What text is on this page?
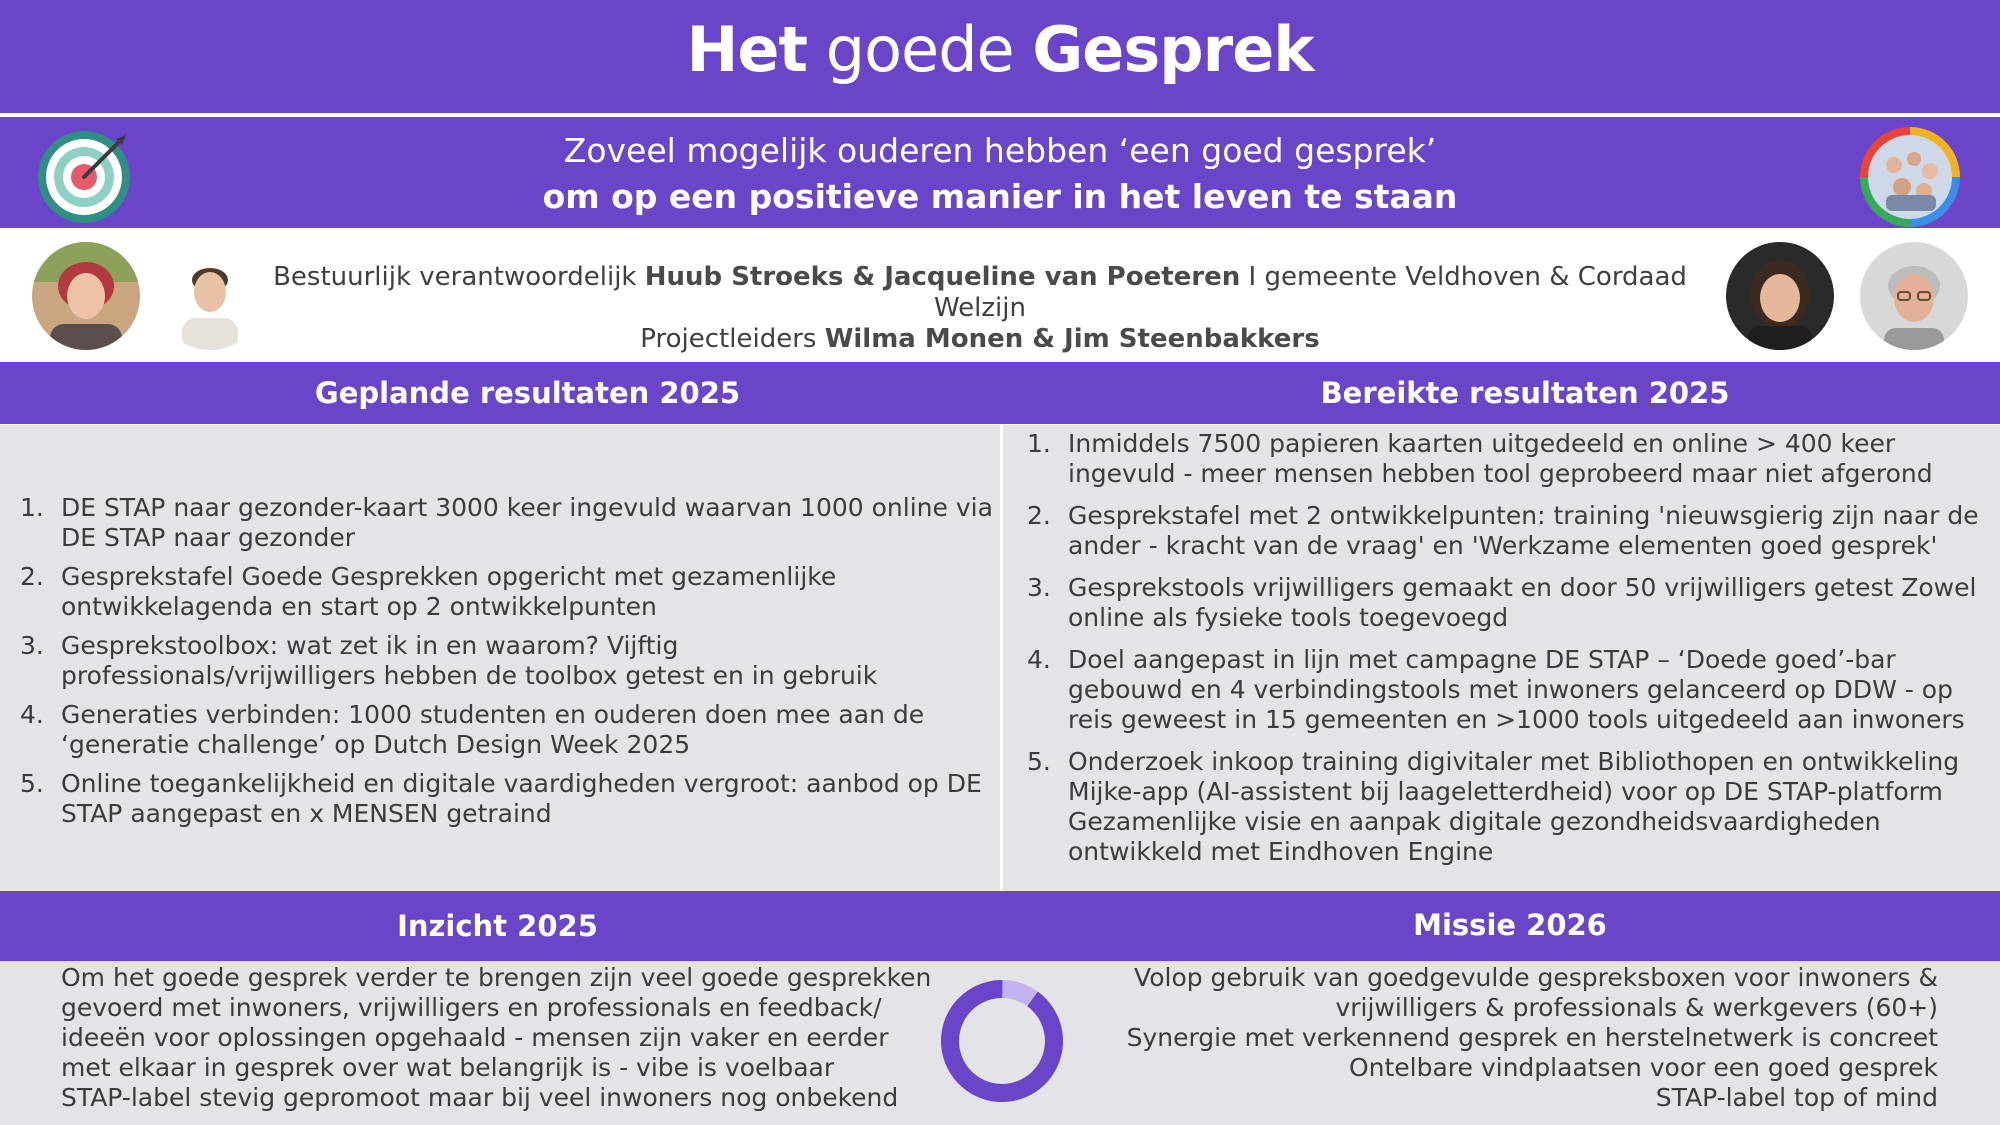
Het goede Gesprek
Zoveel mogelijk ouderen hebben ‘een goed gesprek’
om op een positieve manier in het leven te staan
Bestuurlijk verantwoordelijk Huub Stroeks & Jacqueline van Poeteren I gemeente Veldhoven & Cordaad Welzijn
Projectleiders Wilma Monen & Jim Steenbakkers
Geplande resultaten 2025	Bereikte resultaten 2025
1. DE STAP naar gezonder-kaart 3000 keer ingevuld waarvan 1000 online via DE STAP naar gezonder
2. Gesprekstafel Goede Gesprekken opgericht met gezamenlijke ontwikkelagenda en start op 2 ontwikkelpunten
3. Gesprekstoolbox: wat zet ik in en waarom? Vijftig professionals/vrijwilligers hebben de toolbox getest en in gebruik
4. Generaties verbinden: 1000 studenten en ouderen doen mee aan de ‘generatie challenge’ op Dutch Design Week 2025
5. Online toegankelijkheid en digitale vaardigheden vergroot: aanbod op DE STAP aangepast en x MENSEN getraind
1. Inmiddels 7500 papieren kaarten uitgedeeld en online > 400 keer ingevuld - meer mensen hebben tool geprobeerd maar niet afgerond
2. Gesprekstafel met 2 ontwikkelpunten: training 'nieuwsgierig zijn naar de ander - kracht van de vraag' en 'Werkzame elementen goed gesprek'
3. Gesprekstools vrijwilligers gemaakt en door 50 vrijwilligers getest Zowel online als fysieke tools toegevoegd
4. Doel aangepast in lijn met campagne DE STAP – ‘Doede goed’-bar gebouwd en 4 verbindingstools met inwoners gelanceerd op DDW - op reis geweest in 15 gemeenten en >1000 tools uitgedeeld aan inwoners
5. Onderzoek inkoop training digivitaler met Bibliothopen en ontwikkeling Mijke-app (AI-assistent bij laageletterdheid) voor op DE STAP-platform Gezamenlijke visie en aanpak digitale gezondheidsvaardigheden ontwikkeld met Eindhoven Engine
Inzicht 2025	Missie 2026
Om het goede gesprek verder te brengen zijn veel goede gesprekken
gevoerd met inwoners, vrijwilligers en professionals en feedback/
ideeën voor oplossingen opgehaald - mensen zijn vaker en eerder
met elkaar in gesprek over wat belangrijk is - vibe is voelbaar
STAP-label stevig gepromoot maar bij veel inwoners nog onbekend
Volop gebruik van goedgevulde gespreksboxen voor inwoners &
vrijwilligers & professionals & werkgevers (60+)
Synergie met verkennend gesprek en herstelnetwerk is concreet
Ontelbare vindplaatsen voor een goed gesprek
STAP-label top of mind
